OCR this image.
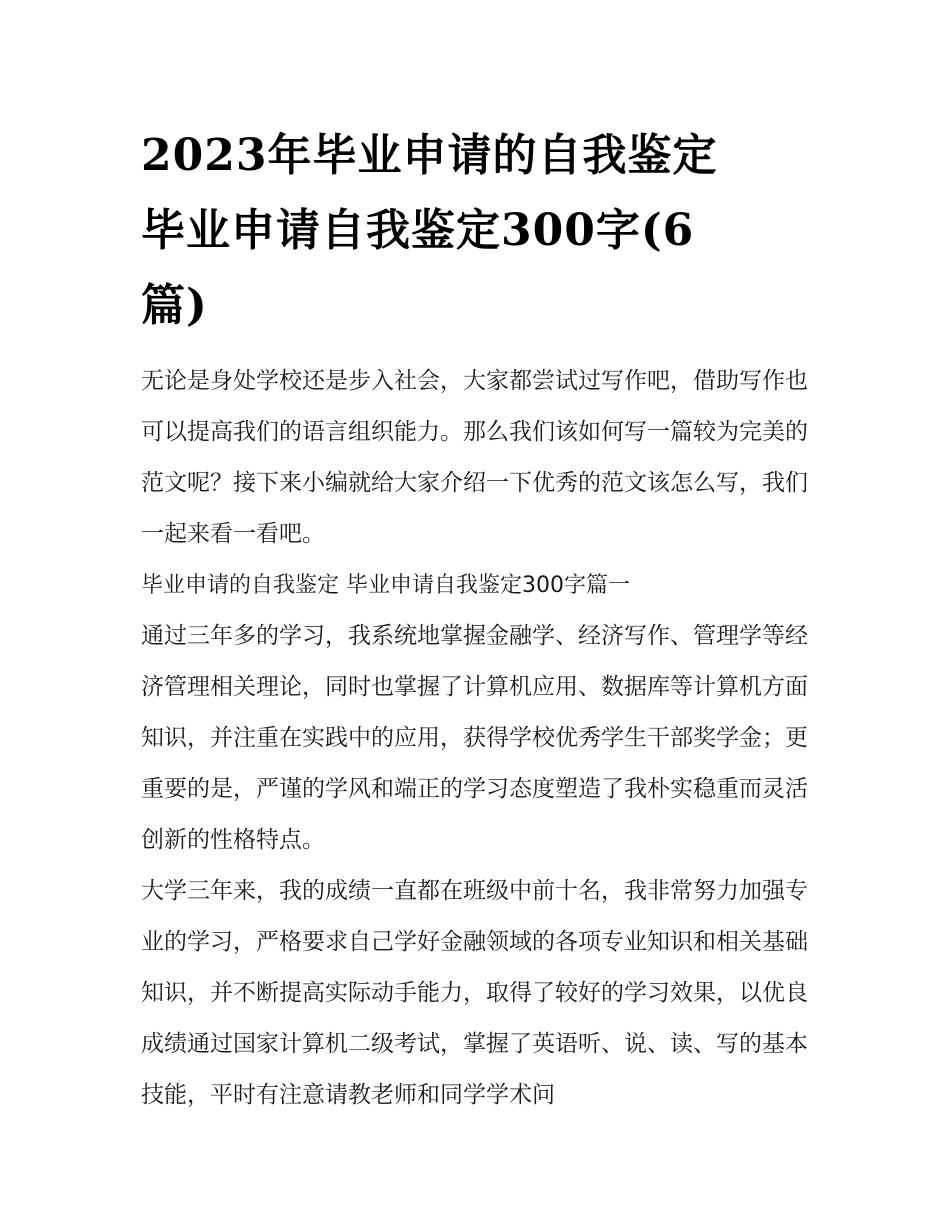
2023年毕业申请的自我鉴定 毕业申请自我鉴定300字(6篇)

无论是身处学校还是步入社会，大家都尝试过写作吧，借助写作也可以提高我们的语言组织能力。那么我们该如何写一篇较为完美的范文呢？接下来小编就给大家介绍一下优秀的范文该怎么写，我们一起来看一看吧。

毕业申请的自我鉴定 毕业申请自我鉴定300字篇一

通过三年多的学习，我系统地掌握金融学、经济写作、管理学等经济管理相关理论，同时也掌握了计算机应用、数据库等计算机方面知识，并注重在实践中的应用，获得学校优秀学生干部奖学金；更重要的是，严谨的学风和端正的学习态度塑造了我朴实稳重而灵活创新的性格特点。

大学三年来，我的成绩一直都在班级中前十名，我非常努力加强专业的学习，严格要求自己学好金融领域的各项专业知识和相关基础知识，并不断提高实际动手能力，取得了较好的学习效果，以优良成绩通过国家计算机二级考试，掌握了英语听、说、读、写的基本技能，平时有注意请教老师和同学学术问
